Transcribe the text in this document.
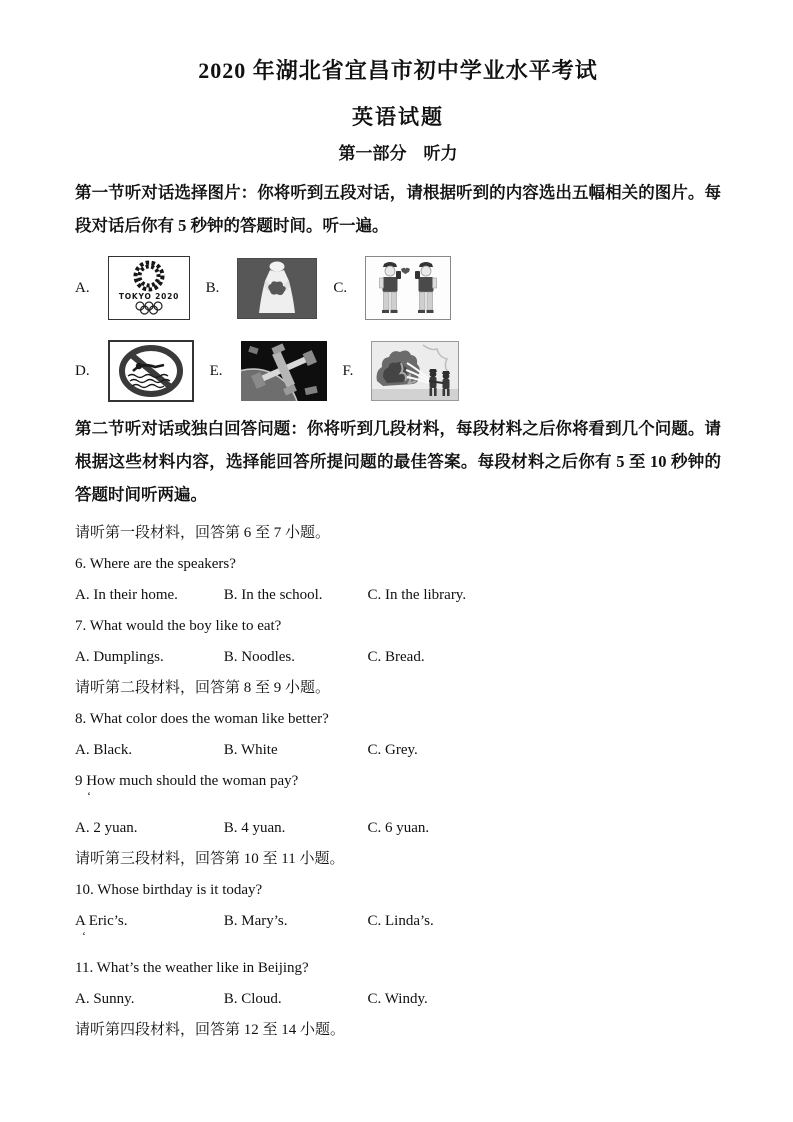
2020 年湖北省宜昌市初中学业水平考试
英语试题
第一部分　听力

第一节听对话选择图片：你将听到五段对话，请根据听到的内容选出五幅相关的图片。每段对话后你有 5 秒钟的答题时间。听一遍。

A.
TOKYO 2020
B.	C.
D.	E.	F.

第二节听对话或独白回答问题：你将听到几段材料，每段材料之后你将看到几个问题。请根据这些材料内容，选择能回答所提问题的最佳答案。每段材料之后你有 5 至 10 秒钟的答题时间听两遍。

请听第一段材料，回答第 6 至 7 小题。

6. Where are the speakers?

A. In their home.	B. In the school.	C. In the library.

7. What would the boy like to eat?

A. Dumplings.	B. Noodles.	C. Bread.

请听第二段材料，回答第 8 至 9 小题。

8. What color does the woman like better?

A. Black.	B. White	C. Grey.

9 How much should the woman pay?

‘

A. 2 yuan.	B. 4 yuan.	C. 6 yuan.

请听第三段材料，回答第 10 至 11 小题。

10. Whose birthday is it today?

A Eric’s.	B. Mary’s.	C. Linda’s.

‘

11. What’s the weather like in Beijing?

A. Sunny.	B. Cloud.	C. Windy.

请听第四段材料，回答第 12 至 14 小题。
